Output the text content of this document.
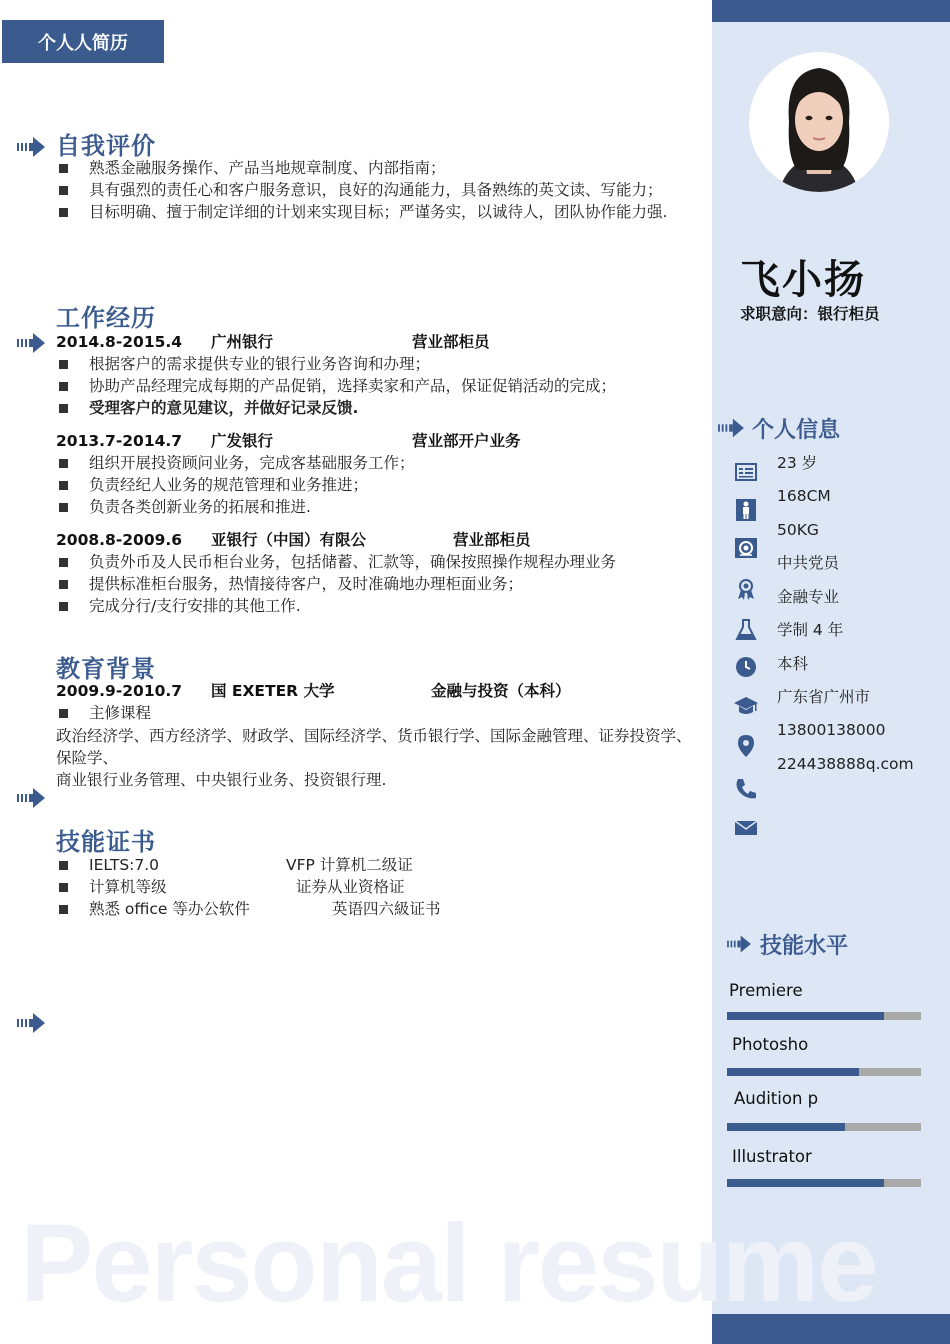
Personal resume
个人人简历
自我评价
熟悉金融服务操作、产品当地规章制度、内部指南；
具有强烈的责任心和客户服务意识，良好的沟通能力，具备熟练的英文读、写能力；
目标明确、擅于制定详细的计划来实现目标；严谨务实，以诚待人，团队协作能力强.
工作经历
2014.8-2015.4 广州银行	营业部柜员
根据客户的需求提供专业的银行业务咨询和办理；
协助产品经理完成每期的产品促销，选择卖家和产品，保证促销活动的完成；
受理客户的意见建议，并做好记录反馈.
2013.7-2014.7 广发银行	营业部开户业务
组织开展投资顾问业务，完成客基础服务工作；
负责经纪人业务的规范管理和业务推进；
负责各类创新业务的拓展和推进.
2008.8-2009.6 亚银行（中国）有限公	营业部柜员
负责外币及人民币柜台业务，包括储蓄、汇款等，确保按照操作规程办理业务
提供标准柜台服务，热情接待客户，及时准确地办理柜面业务；
完成分行/支行安排的其他工作.
教育背景
2009.9-2010.7 国 EXETER 大学	金融与投资（本科）
主修课程
政治经济学、西方经济学、财政学、国际经济学、货币银行学、国际金融管理、证券投资学、保险学、
商业银行业务管理、中央银行业务、投资银行理.
技能证书
IELTS:7.0	VFP 计算机二级证
计算机等级	证券从业资格证
熟悉 office 等办公软件	英语四六級证书
飞小扬
求职意向：银行柜员
个人信息
23 岁
168CM
50KG
中共党员
金融专业
学制 4 年
本科
广东省广州市
13800138000
224438888q.com
技能水平
Premiere
Photosho
Audition p
Illustrator
